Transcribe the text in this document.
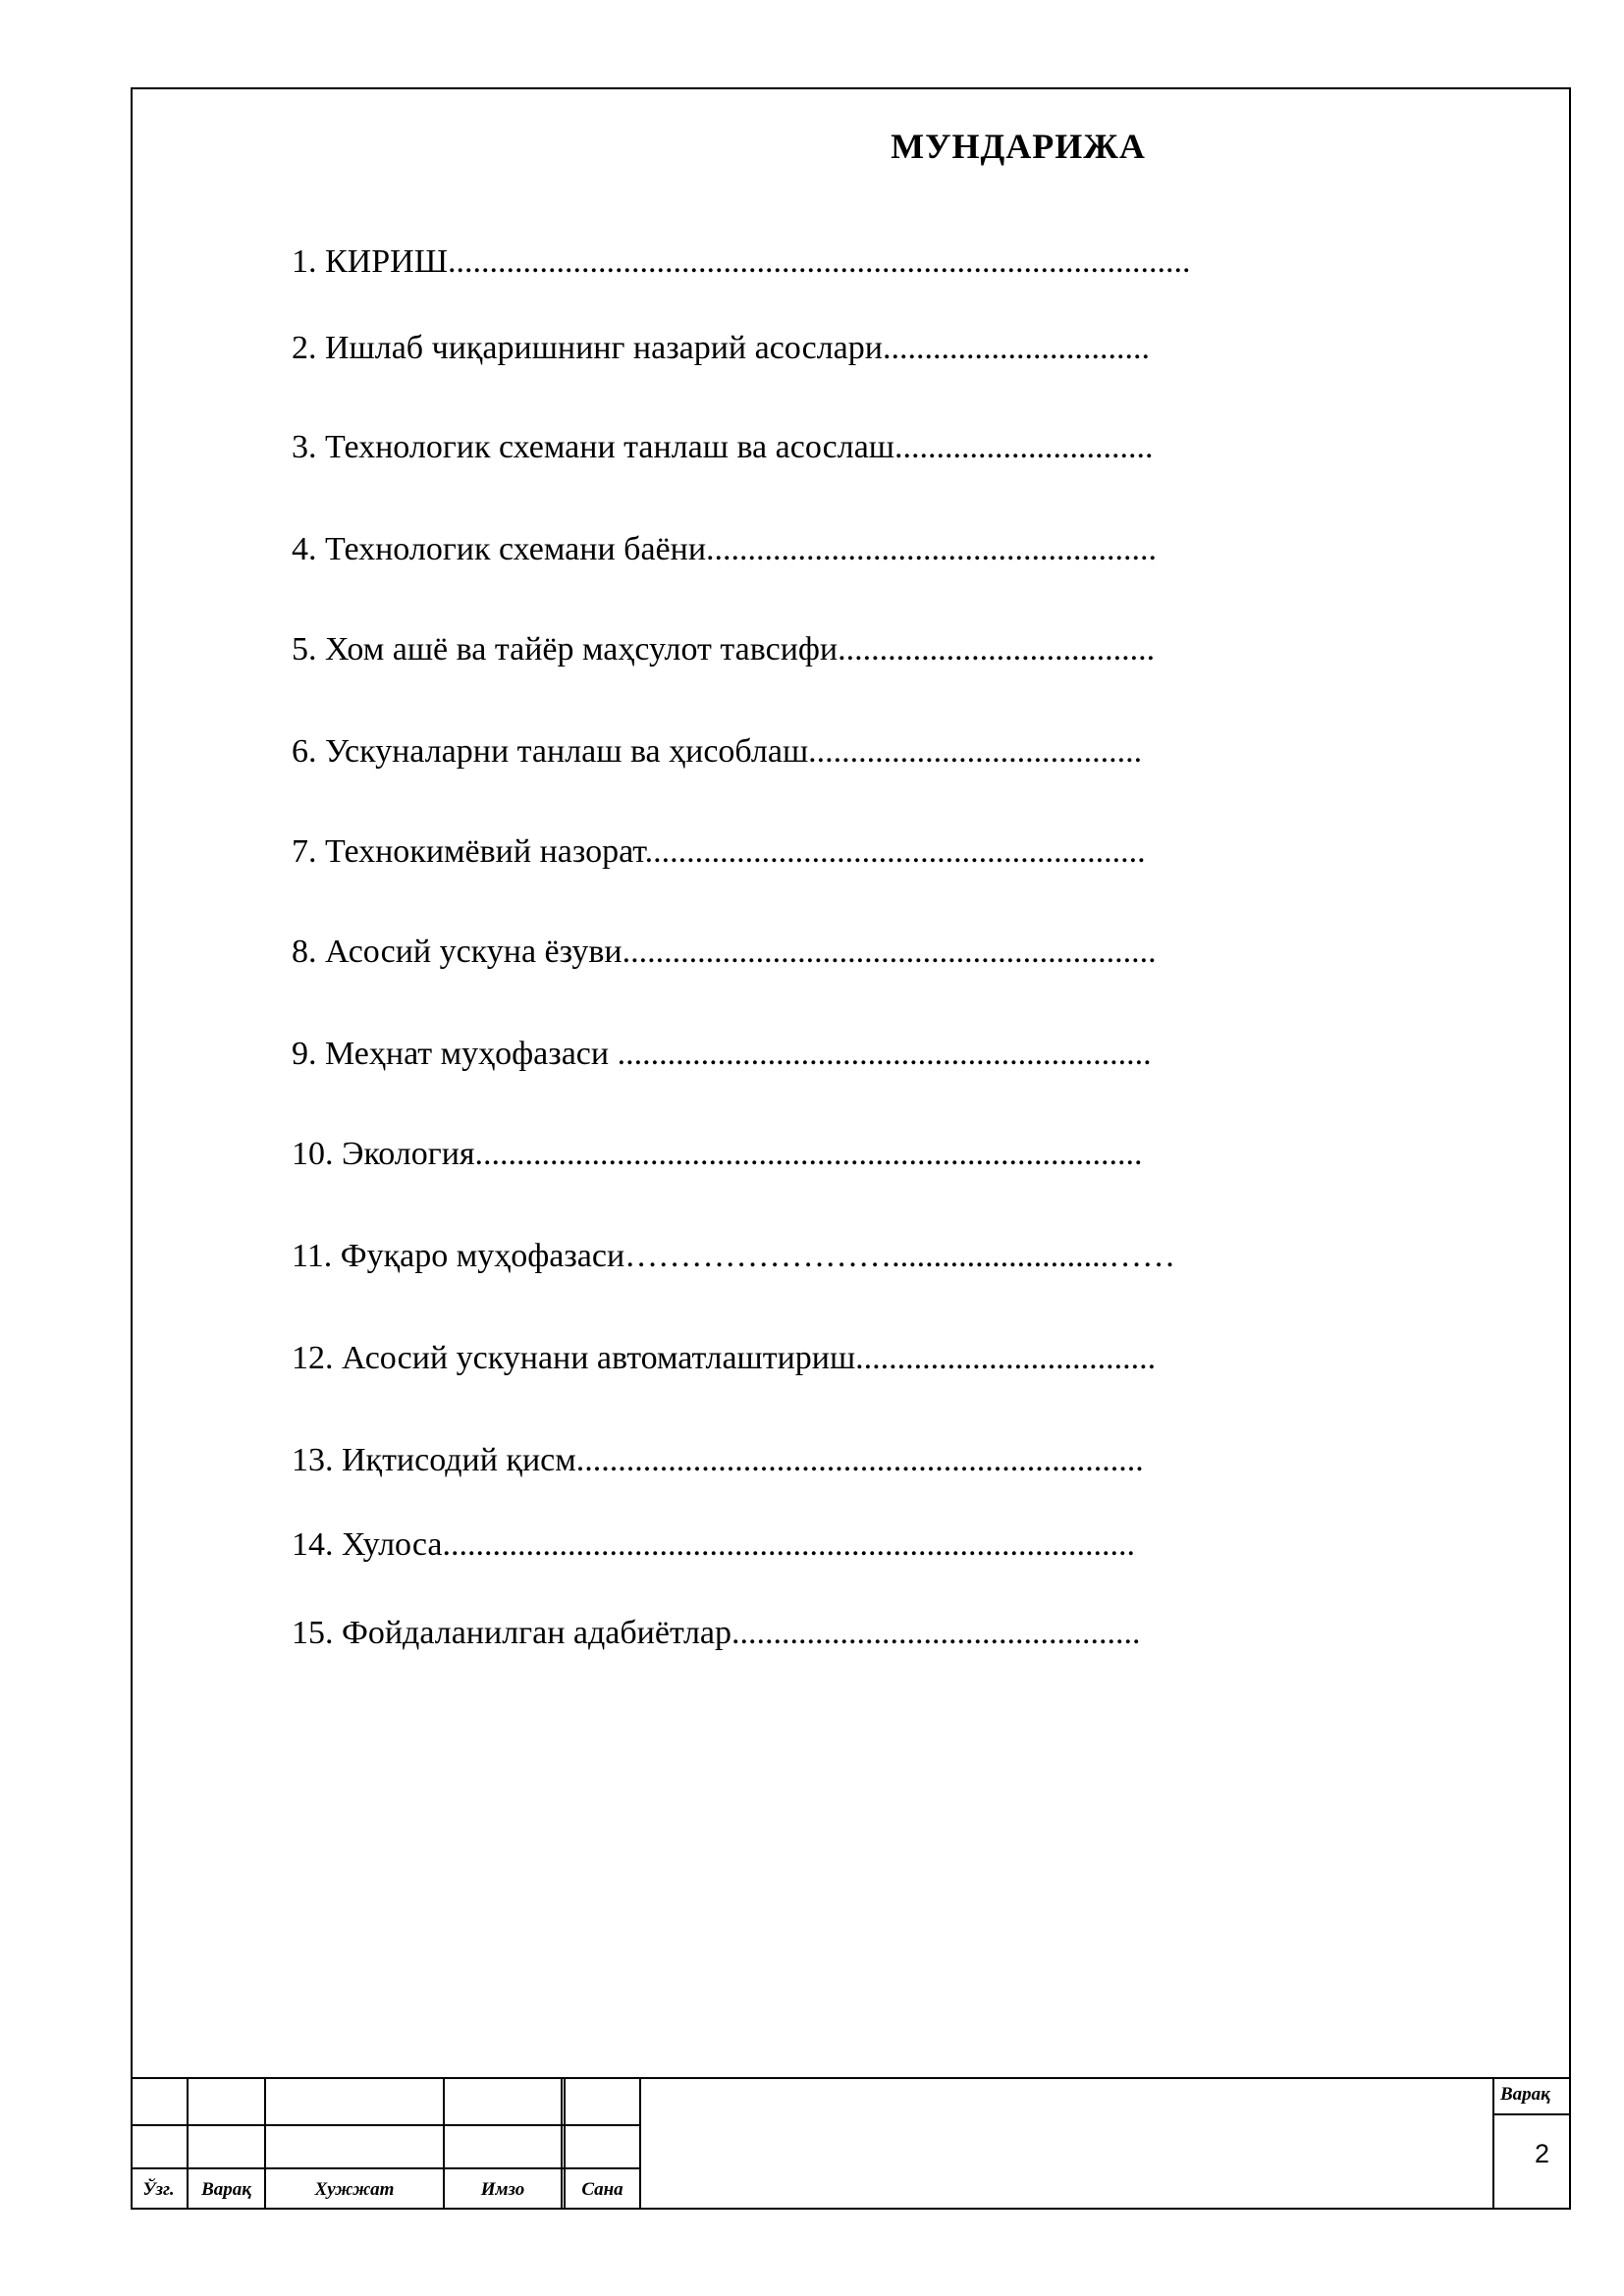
МУНДАРИЖА
1. КИРИШ.........................................................................................
2. Ишлаб чиқаришнинг назарий асослари................................
3. Технологик схемани танлаш ва асослаш...............................
4. Технологик схемани баёни......................................................
5. Хом ашё ва тайёр маҳсулот тавсифи......................................
6. Ускуналарни танлаш ва ҳисоблаш........................................
7. Технокимёвий назорат............................................................
8. Асосий ускуна ёзуви................................................................
9. Меҳнат муҳофазаси ................................................................
10. Экология................................................................................
11. Фуқаро муҳофазаси……………………..........................……
12. Асосий ускунани автоматлаштириш....................................
13. Иқтисодий қисм....................................................................
14. Хулоса...................................................................................
15. Фойдаланилган адабиётлар.................................................
Ўзг.	Варақ	Хужжат	Имзо	Сана
Варақ
2
